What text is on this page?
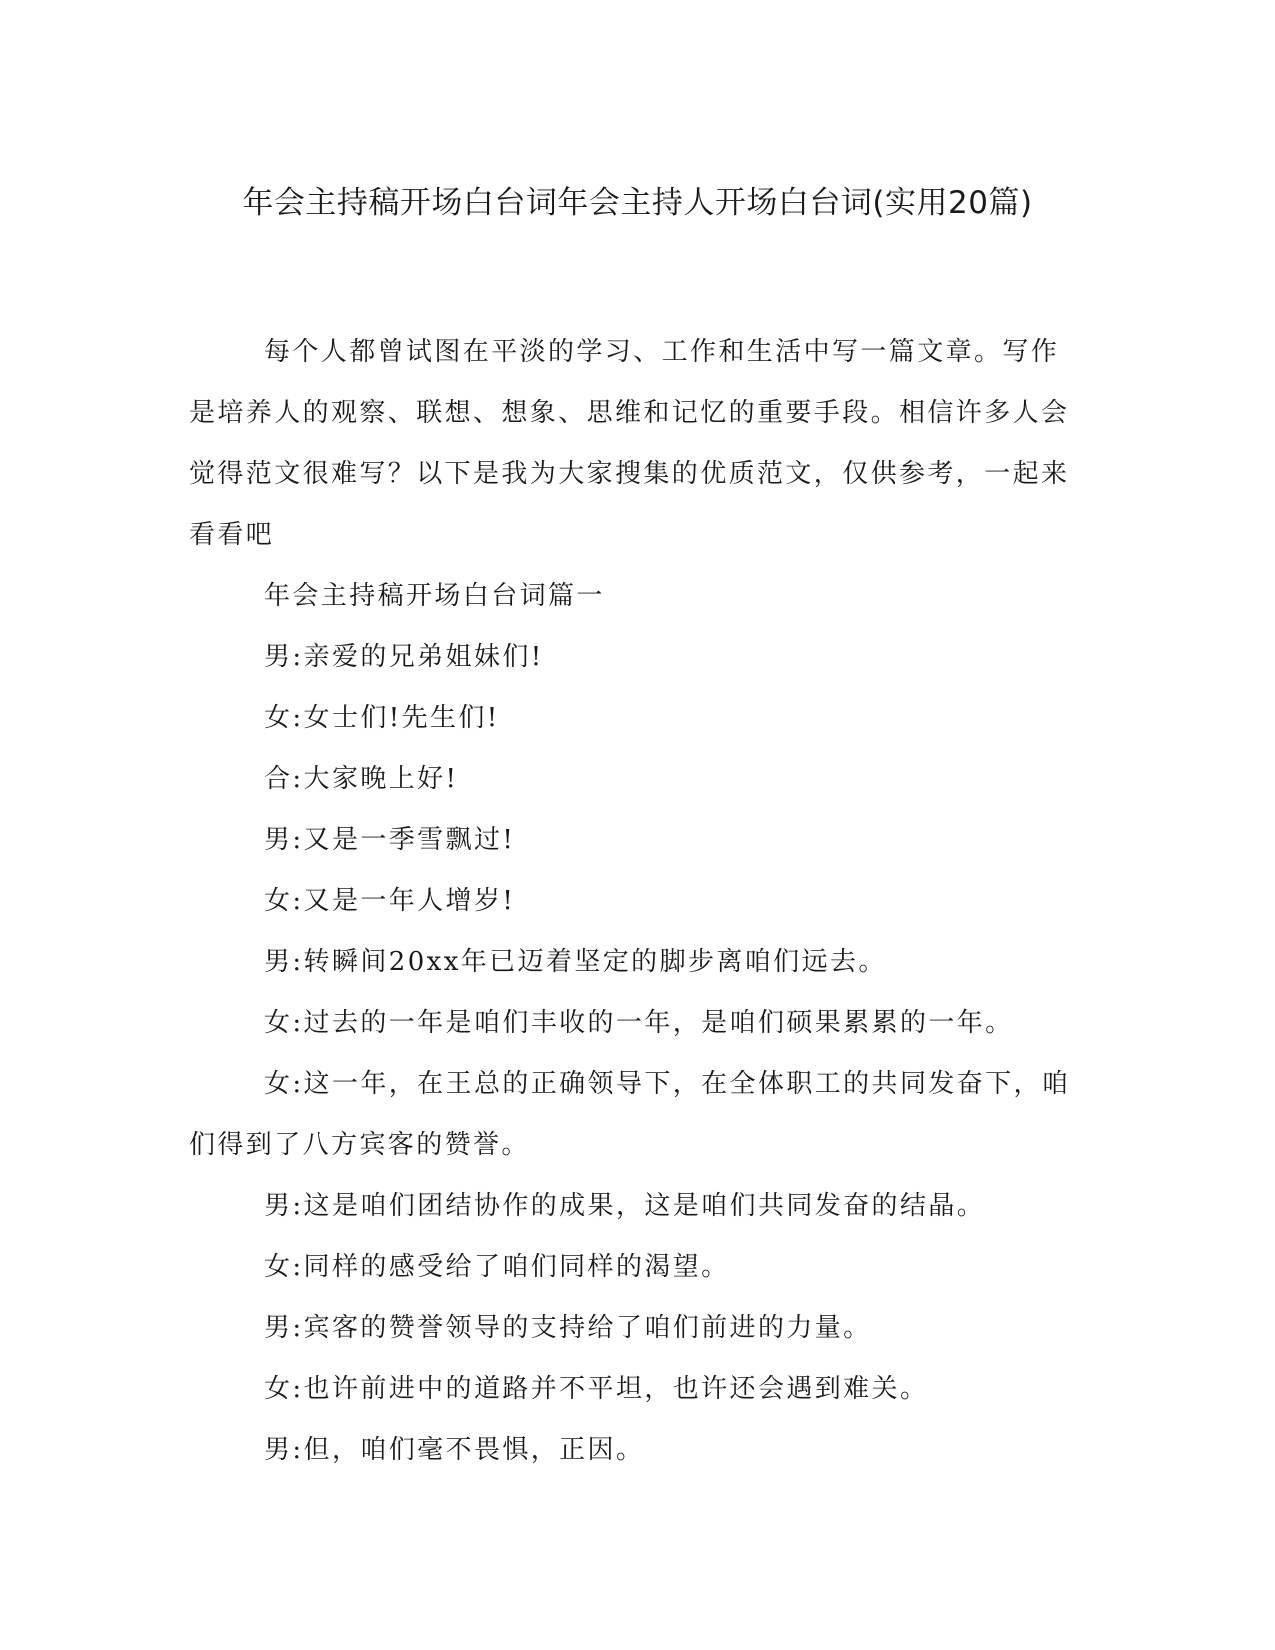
年会主持稿开场白台词年会主持人开场白台词(实用20篇)

每个人都曾试图在平淡的学习、工作和生活中写一篇文章。写作是培养人的观察、联想、想象、思维和记忆的重要手段。相信许多人会觉得范文很难写？以下是我为大家搜集的优质范文，仅供参考，一起来看看吧

年会主持稿开场白台词篇一

男:亲爱的兄弟姐妹们!

女:女士们!先生们!

合:大家晚上好!

男:又是一季雪飘过!

女:又是一年人增岁!

男:转瞬间20xx年已迈着坚定的脚步离咱们远去。

女:过去的一年是咱们丰收的一年，是咱们硕果累累的一年。

女:这一年，在王总的正确领导下，在全体职工的共同发奋下，咱们得到了八方宾客的赞誉。

男:这是咱们团结协作的成果，这是咱们共同发奋的结晶。

女:同样的感受给了咱们同样的渴望。

男:宾客的赞誉领导的支持给了咱们前进的力量。

女:也许前进中的道路并不平坦，也许还会遇到难关。

男:但，咱们毫不畏惧，正因。
